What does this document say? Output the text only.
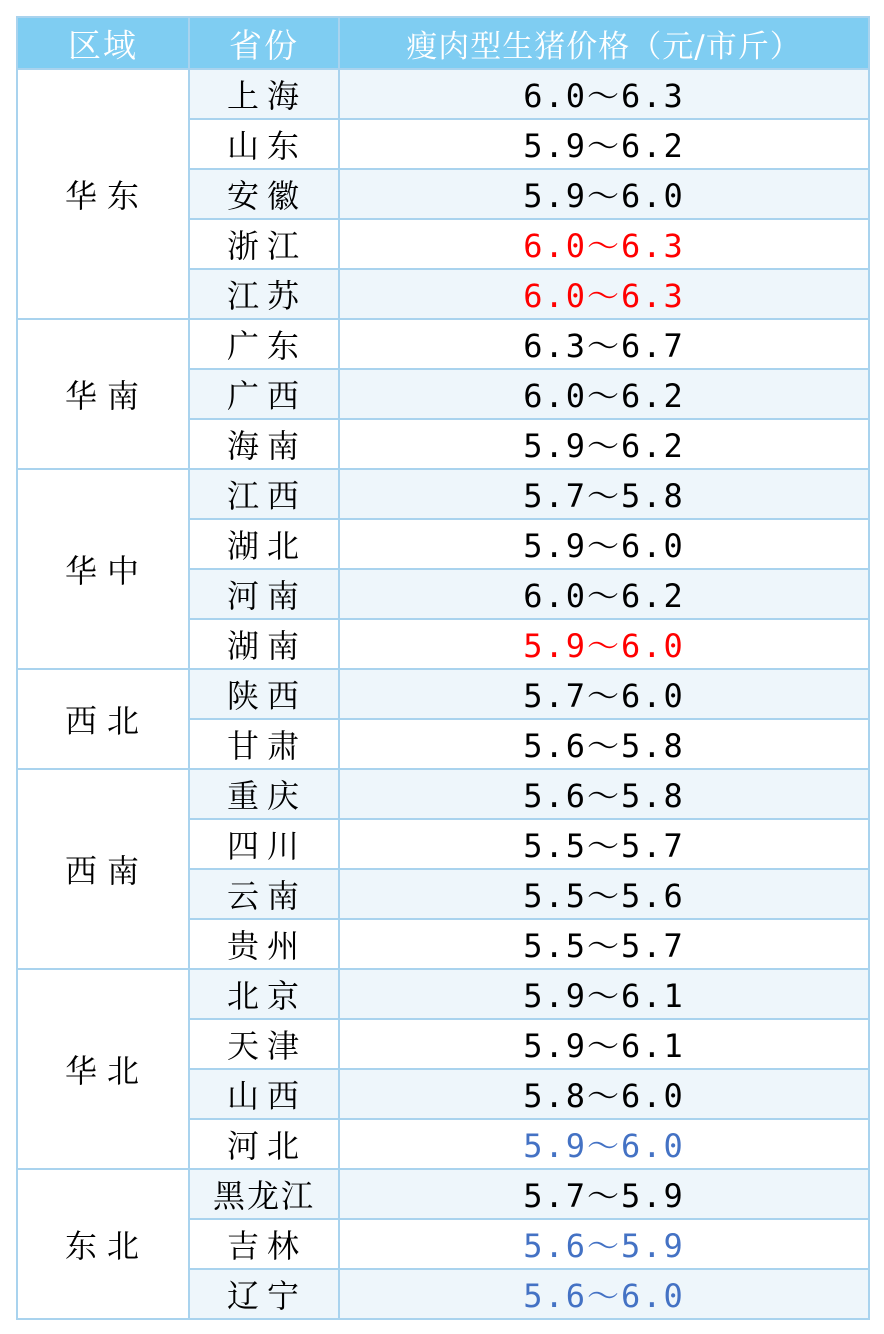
区域	省份	瘦肉型生猪价格（元/市斤）
华东	上海	6.0～6.3
	山东	5.9～6.2
	安徽	5.9～6.0
	浙江	6.0～6.3
	江苏	6.0～6.3
华南	广东	6.3～6.7
	广西	6.0～6.2
	海南	5.9～6.2
华中	江西	5.7～5.8
	湖北	5.9～6.0
	河南	6.0～6.2
	湖南	5.9～6.0
西北	陕西	5.7～6.0
	甘肃	5.6～5.8
西南	重庆	5.6～5.8
	四川	5.5～5.7
	云南	5.5～5.6
	贵州	5.5～5.7
华北	北京	5.9～6.1
	天津	5.9～6.1
	山西	5.8～6.0
	河北	5.9～6.0
东北	黑龙江	5.7～5.9
	吉林	5.6～5.9
	辽宁	5.6～6.0
